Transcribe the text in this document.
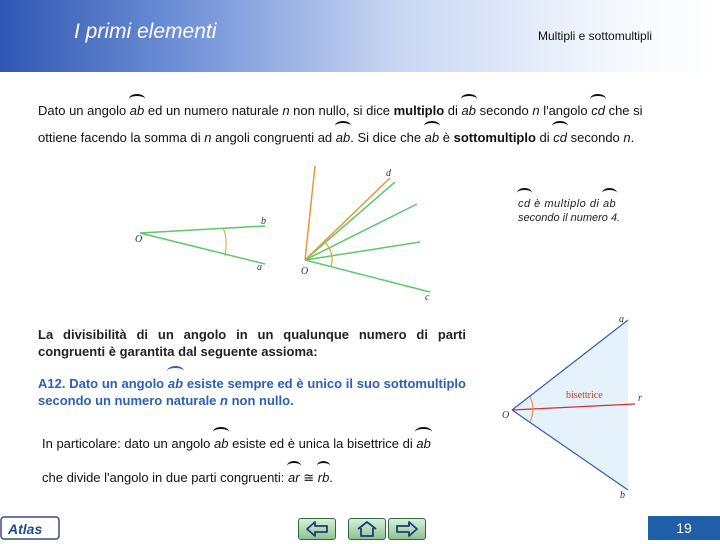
I primi elementi	Multipli e sottomultipli
Dato un angolo ab ed un numero naturale n non nullo, si dice multiplo di ab secondo n l'angolo cd che si
ottiene facendo la somma di n angoli congruenti ad ab. Si dice che ab è sottomultiplo di cd secondo n.
O
b
a	O
d
c
cd è multiplo di ab
secondo il numero 4.
La divisibilità di un angolo in un qualunque numero di parti congruenti è garantita dal seguente assioma:
A12. Dato un angolo ab esiste sempre ed è unico il suo sottomultiplo secondo un numero naturale n non nullo.
a
O
bisettrice	r
b
In particolare: dato un angolo ab esiste ed è unica la bisettrice di ab
che divide l'angolo in due parti congruenti: ar ≅ rb.
Atlas	19
